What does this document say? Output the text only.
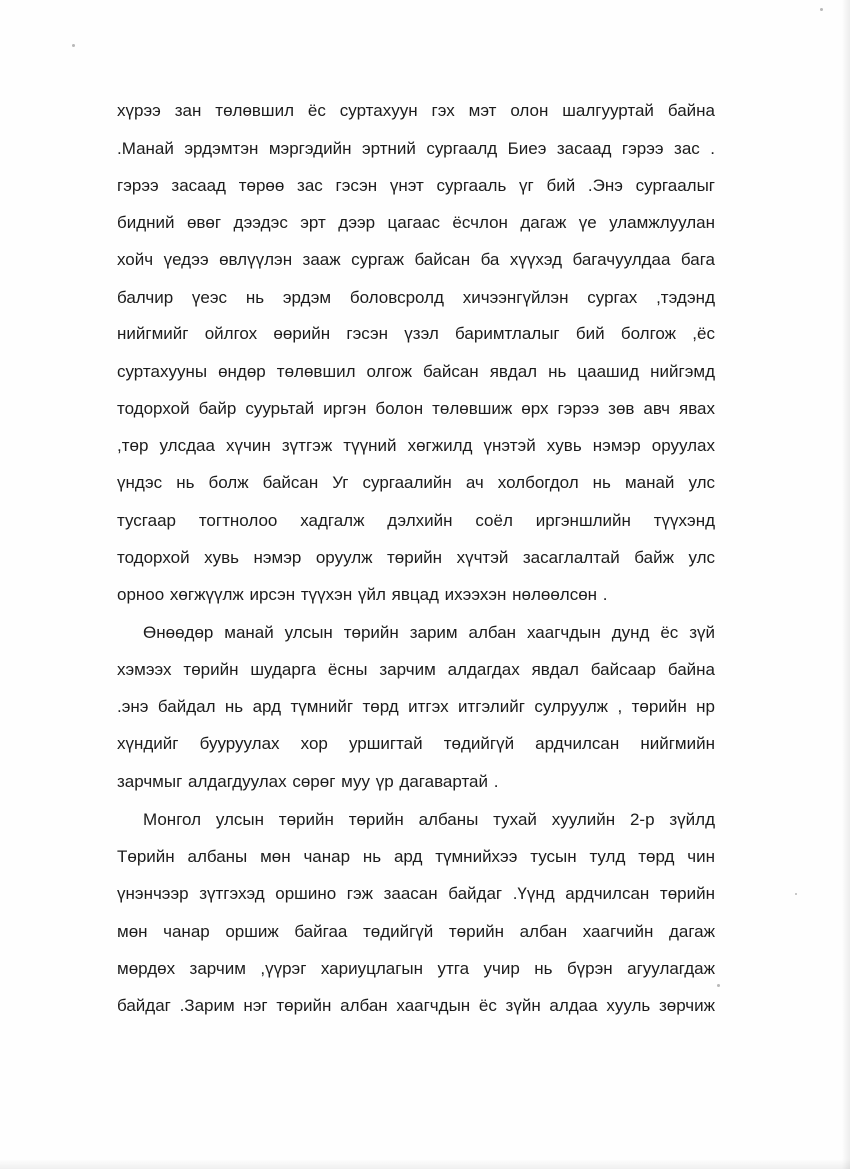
хүрээ зан төлөвшил ёс суртахуун гэх мэт олон шалгууртай байна
.Манай эрдэмтэн мэргэдийн эртний сургаалд Биеэ засаад гэрээ зас .
гэрээ засаад төрөө зас гэсэн үнэт сургааль үг бий .Энэ сургаалыг
бидний өвөг дээдэс эрт дээр цагаас ёсчлон дагаж үе уламжлуулан
хойч үедээ өвлүүлэн зааж сургаж байсан ба хүүхэд багачуулдаа бага
балчир үеэс нь эрдэм боловсролд хичээнгүйлэн сургах ,тэдэнд
нийгмийг ойлгох өөрийн гэсэн үзэл баримтлалыг бий болгож ,ёс
суртахууны өндөр төлөвшил олгож байсан явдал нь цаашид нийгэмд
тодорхой байр суурьтай иргэн болон төлөвшиж өрх гэрээ зөв авч явах
,төр улсдаа хүчин зүтгэж түүний хөгжилд үнэтэй хувь нэмэр оруулах
үндэс нь болж байсан Уг сургаалийн ач холбогдол нь манай улс
тусгаар тогтнолоо хадгалж дэлхийн соёл иргэншлийн түүхэнд
тодорхой хувь нэмэр оруулж төрийн хүчтэй засаглалтай байж улс
орноо хөгжүүлж ирсэн түүхэн үйл явцад ихээхэн нөлөөлсөн .
Өнөөдөр манай улсын төрийн зарим албан хаагчдын дунд ёс зүй
хэмээх төрийн шударга ёсны зарчим алдагдах явдал байсаар байна
.энэ байдал нь ард түмнийг төрд итгэх итгэлийг сулруулж , төрийн нр
хүндийг бууруулах хор уршигтай төдийгүй ардчилсан нийгмийн
зарчмыг алдагдуулах сөрөг муу үр дагавартай .
Монгол улсын төрийн төрийн албаны тухай хуулийн 2-р зүйлд
Төрийн албаны мөн чанар нь ард түмнийхээ тусын тулд төрд чин
үнэнчээр зүтгэхэд оршино гэж заасан байдаг .Үүнд ардчилсан төрийн
мөн чанар оршиж байгаа төдийгүй төрийн албан хаагчийн дагаж
мөрдөх зарчим ,үүрэг хариуцлагын утга учир нь бүрэн агуулагдаж
байдаг .Зарим нэг төрийн албан хаагчдын ёс зүйн алдаа хууль зөрчиж
